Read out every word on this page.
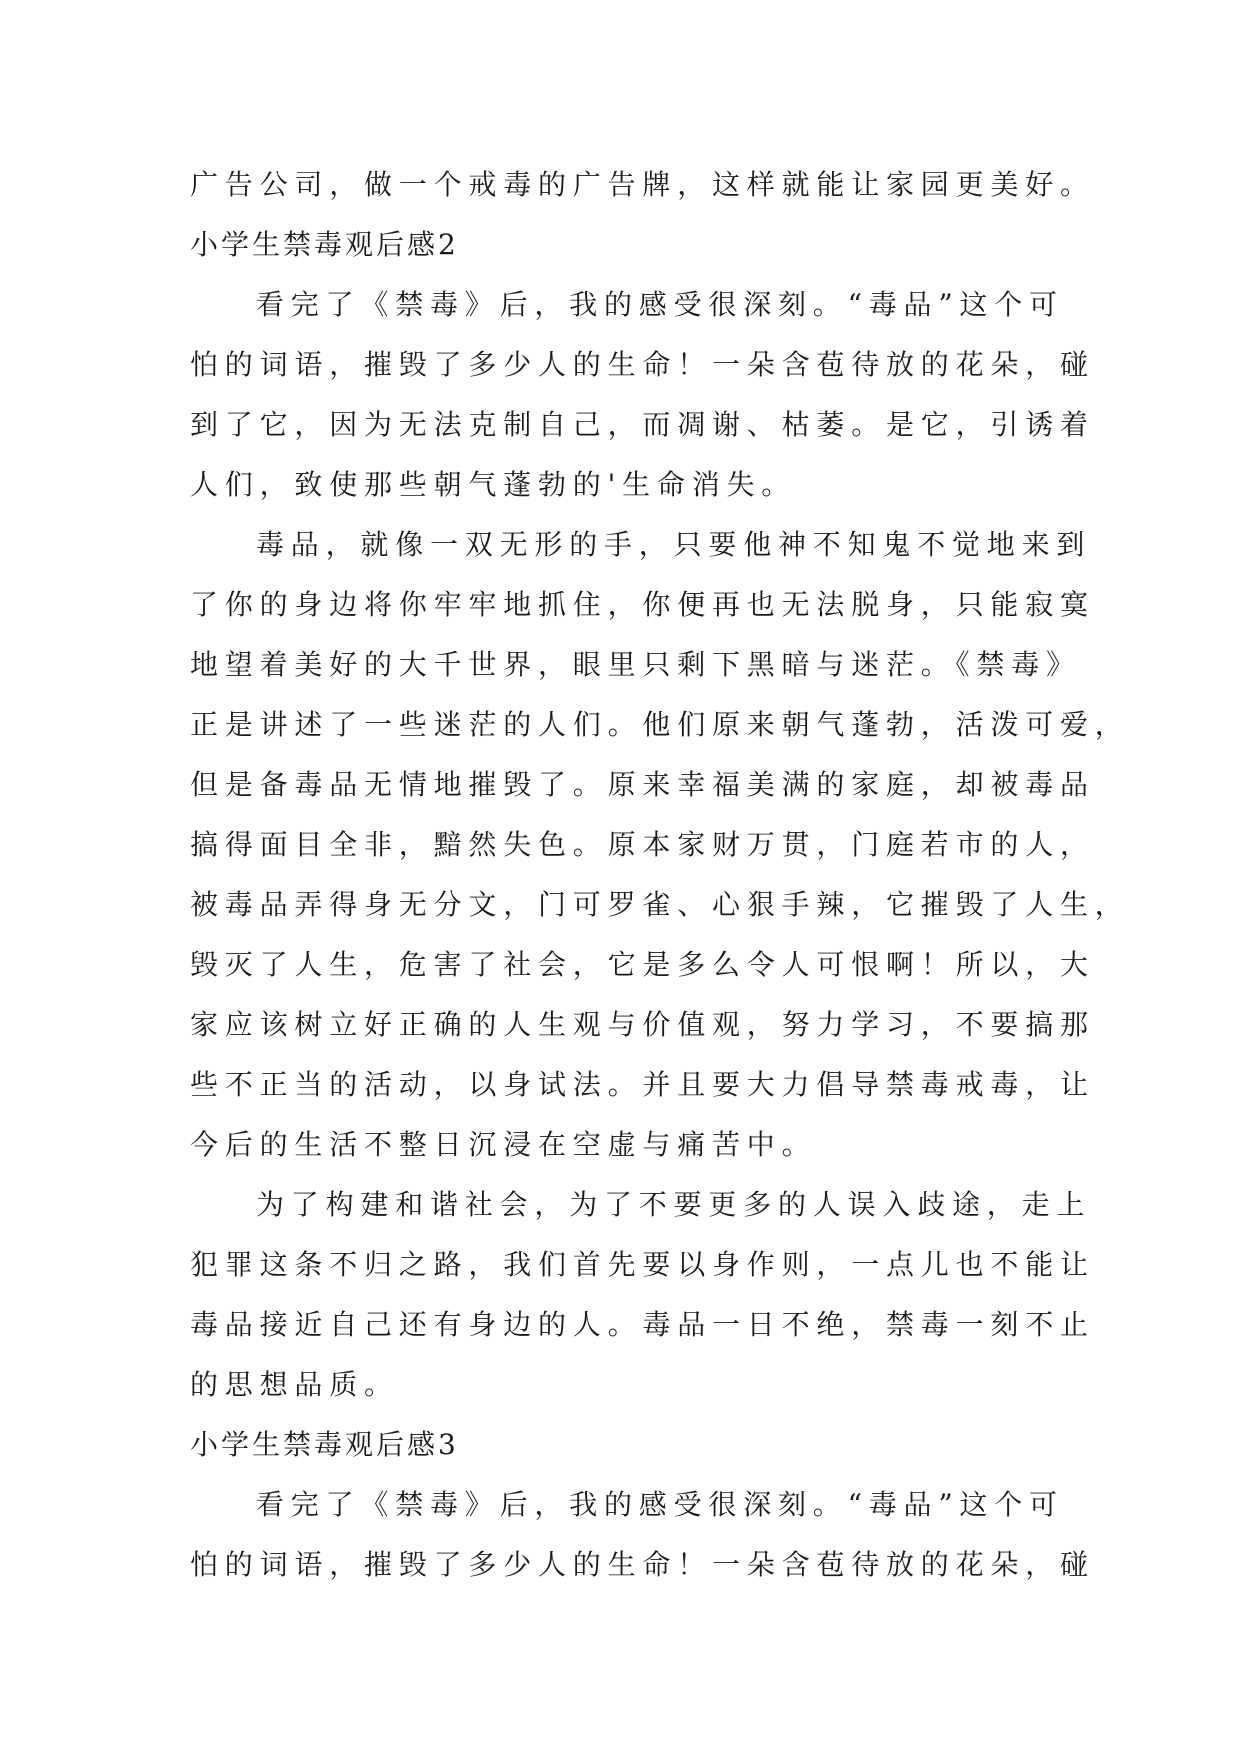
广告公司，做一个戒毒的广告牌，这样就能让家园更美好。
小学生禁毒观后感2
看完了《禁毒》后，我的感受很深刻。“毒品”这个可
怕的词语，摧毁了多少人的生命！一朵含苞待放的花朵，碰
到了它，因为无法克制自己，而凋谢、枯萎。是它，引诱着
人们，致使那些朝气蓬勃的'生命消失。
毒品，就像一双无形的手，只要他神不知鬼不觉地来到
了你的身边将你牢牢地抓住，你便再也无法脱身，只能寂寞
地望着美好的大千世界，眼里只剩下黑暗与迷茫。《禁毒》
正是讲述了一些迷茫的人们。他们原来朝气蓬勃，活泼可爱，
但是备毒品无情地摧毁了。原来幸福美满的家庭，却被毒品
搞得面目全非，黯然失色。原本家财万贯，门庭若市的人，
被毒品弄得身无分文，门可罗雀、心狠手辣，它摧毁了人生，
毁灭了人生，危害了社会，它是多么令人可恨啊！所以，大
家应该树立好正确的人生观与价值观，努力学习，不要搞那
些不正当的活动，以身试法。并且要大力倡导禁毒戒毒，让
今后的生活不整日沉浸在空虚与痛苦中。
为了构建和谐社会，为了不要更多的人误入歧途，走上
犯罪这条不归之路，我们首先要以身作则，一点儿也不能让
毒品接近自己还有身边的人。毒品一日不绝，禁毒一刻不止
的思想品质。
小学生禁毒观后感3
看完了《禁毒》后，我的感受很深刻。“毒品”这个可
怕的词语，摧毁了多少人的生命！一朵含苞待放的花朵，碰
